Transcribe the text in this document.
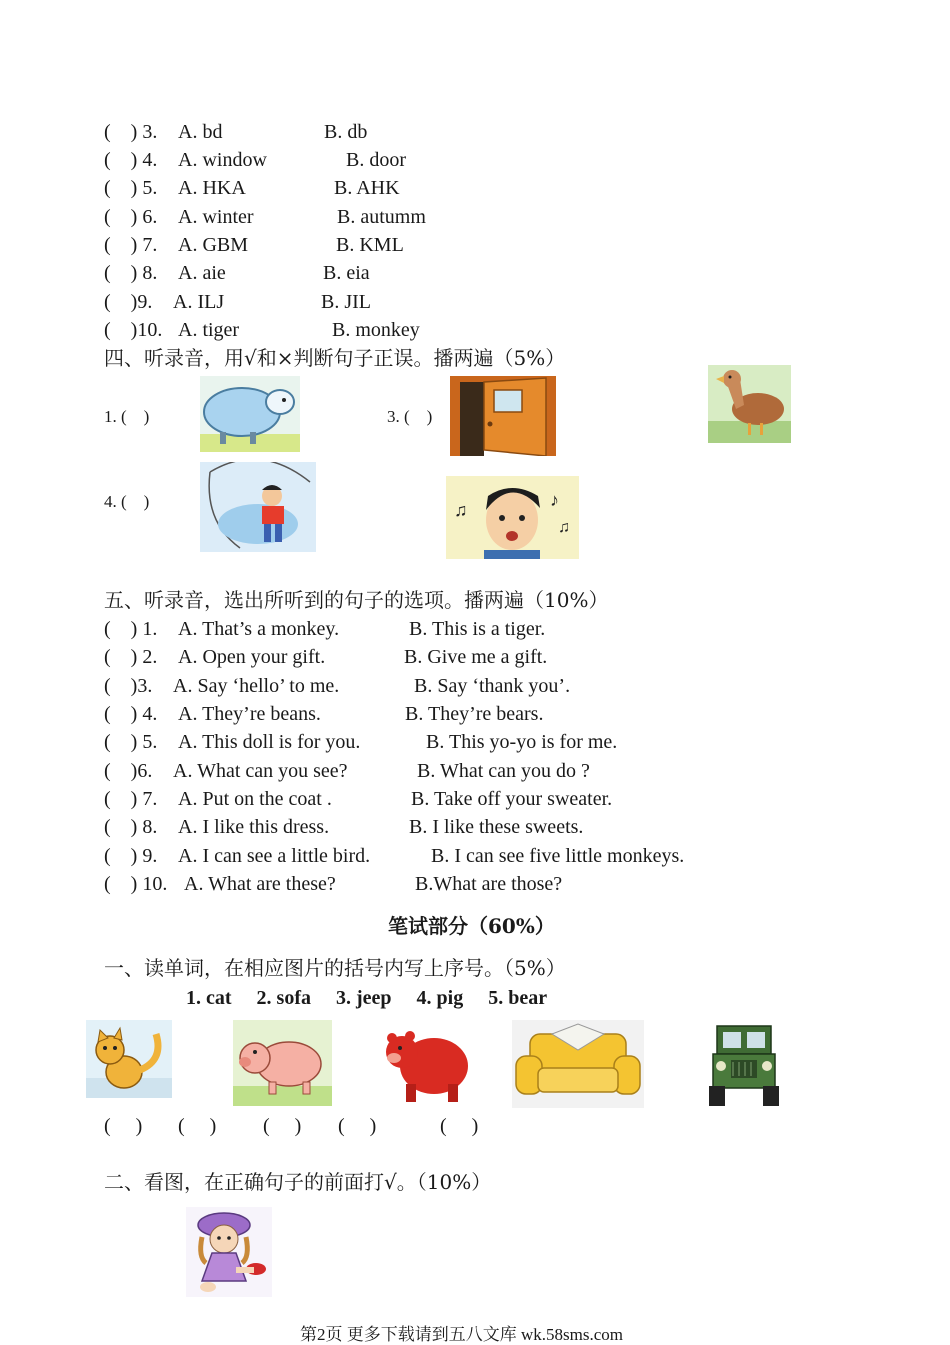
(    ) 3. A. bd	B. db
(    ) 4. A. window	B. door
(    ) 5. A. HKA	B. AHK
(    ) 6. A. winter	B. autumm
(    ) 7. A. GBM	B. KML
(    ) 8. A. aie	B. eia
(    )9. A. ILJ	B. JIL
(    )10. A. tiger	B. monkey
四、听录音，用√和×判断句子正误。播两遍（5%）
1. (    )	3. (    )
4. (    )	♫	♪
♫
五、听录音，选出所听到的句子的选项。播两遍（10%）
(    ) 1. A. That’s a monkey.	B. This is a tiger.
(    ) 2. A. Open your gift.	B. Give me a gift.
(    )3. A. Say ‘hello’ to me.	B. Say ‘thank you’.
(    ) 4. A. They’re beans.	B. They’re bears.
(    ) 5. A. This doll is for you.	B. This yo-yo is for me.
(    )6. A. What can you see?	B. What can you do ?
(    ) 7. A. Put on the coat .	B. Take off your sweater.
(    ) 8. A. I like this dress.	B. I like these sweets.
(    ) 9. A. I can see a little bird.	B. I can see five little monkeys.
(    ) 10. A. What are these?	B.What are those?
笔试部分（60%）
一、读单词，在相应图片的括号内写上序号。（5%）
1. cat     2. sofa     3. jeep     4. pig     5. bear
(     ) (     ) (     ) (     )	(     )
二、看图，在正确句子的前面打√。（10%）
第2页 更多下载请到五八文库 wk.58sms.com
